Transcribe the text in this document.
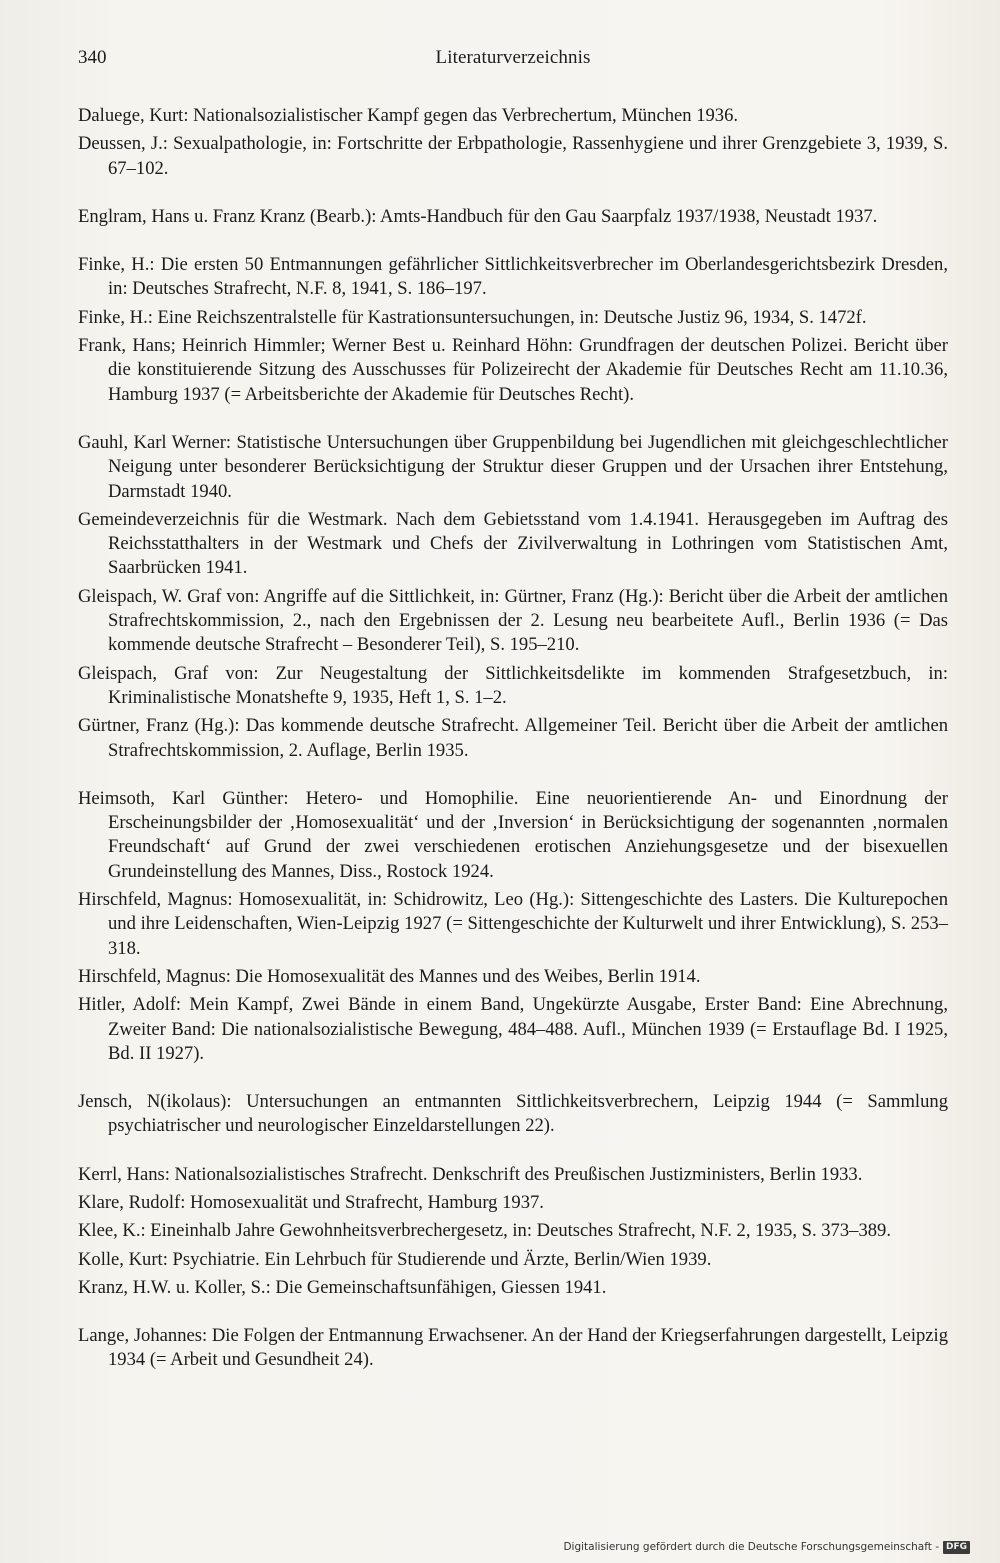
340	Literaturverzeichnis

Daluege, Kurt: Nationalsozialistischer Kampf gegen das Verbrechertum, München 1936.

Deussen, J.: Sexualpathologie, in: Fortschritte der Erbpathologie, Rassenhygiene und ihrer Grenzgebiete 3, 1939, S. 67–102.

Englram, Hans u. Franz Kranz (Bearb.): Amts-Handbuch für den Gau Saarpfalz 1937/1938, Neustadt 1937.

Finke, H.: Die ersten 50 Entmannungen gefährlicher Sittlichkeitsverbrecher im Oberlandesgerichtsbezirk Dresden, in: Deutsches Strafrecht, N.F. 8, 1941, S. 186–197.

Finke, H.: Eine Reichszentralstelle für Kastrationsuntersuchungen, in: Deutsche Justiz 96, 1934, S. 1472f.

Frank, Hans; Heinrich Himmler; Werner Best u. Reinhard Höhn: Grundfragen der deutschen Polizei. Bericht über die konstituierende Sitzung des Ausschusses für Polizeirecht der Akademie für Deutsches Recht am 11.10.36, Hamburg 1937 (= Arbeitsberichte der Akademie für Deutsches Recht).

Gauhl, Karl Werner: Statistische Untersuchungen über Gruppenbildung bei Jugendlichen mit gleichgeschlechtlicher Neigung unter besonderer Berücksichtigung der Struktur dieser Gruppen und der Ursachen ihrer Entstehung, Darmstadt 1940.

Gemeindeverzeichnis für die Westmark. Nach dem Gebietsstand vom 1.4.1941. Herausgegeben im Auftrag des Reichsstatthalters in der Westmark und Chefs der Zivilverwaltung in Lothringen vom Statistischen Amt, Saarbrücken 1941.

Gleispach, W. Graf von: Angriffe auf die Sittlichkeit, in: Gürtner, Franz (Hg.): Bericht über die Arbeit der amtlichen Strafrechtskommission, 2., nach den Ergebnissen der 2. Lesung neu bearbeitete Aufl., Berlin 1936 (= Das kommende deutsche Strafrecht – Besonderer Teil), S. 195–210.

Gleispach, Graf von: Zur Neugestaltung der Sittlichkeitsdelikte im kommenden Strafgesetzbuch, in: Kriminalistische Monatshefte 9, 1935, Heft 1, S. 1–2.

Gürtner, Franz (Hg.): Das kommende deutsche Strafrecht. Allgemeiner Teil. Bericht über die Arbeit der amtlichen Strafrechtskommission, 2. Auflage, Berlin 1935.

Heimsoth, Karl Günther: Hetero- und Homophilie. Eine neuorientierende An- und Einordnung der Erscheinungsbilder der ‚Homosexualität‘ und der ‚Inversion‘ in Berücksichtigung der sogenannten ‚normalen Freundschaft‘ auf Grund der zwei verschiedenen erotischen Anziehungsgesetze und der bisexuellen Grundeinstellung des Mannes, Diss., Rostock 1924.

Hirschfeld, Magnus: Homosexualität, in: Schidrowitz, Leo (Hg.): Sittengeschichte des Lasters. Die Kulturepochen und ihre Leidenschaften, Wien-Leipzig 1927 (= Sittengeschichte der Kulturwelt und ihrer Entwicklung), S. 253–318.

Hirschfeld, Magnus: Die Homosexualität des Mannes und des Weibes, Berlin 1914.

Hitler, Adolf: Mein Kampf, Zwei Bände in einem Band, Ungekürzte Ausgabe, Erster Band: Eine Abrechnung, Zweiter Band: Die nationalsozialistische Bewegung, 484–488. Aufl., München 1939 (= Erstauflage Bd. I 1925, Bd. II 1927).

Jensch, N(ikolaus): Untersuchungen an entmannten Sittlichkeitsverbrechern, Leipzig 1944 (= Sammlung psychiatrischer und neurologischer Einzeldarstellungen 22).

Kerrl, Hans: Nationalsozialistisches Strafrecht. Denkschrift des Preußischen Justizministers, Berlin 1933.

Klare, Rudolf: Homosexualität und Strafrecht, Hamburg 1937.

Klee, K.: Eineinhalb Jahre Gewohnheitsverbrechergesetz, in: Deutsches Strafrecht, N.F. 2, 1935, S. 373–389.

Kolle, Kurt: Psychiatrie. Ein Lehrbuch für Studierende und Ärzte, Berlin/Wien 1939.

Kranz, H.W. u. Koller, S.: Die Gemeinschaftsunfähigen, Giessen 1941.

Lange, Johannes: Die Folgen der Entmannung Erwachsener. An der Hand der Kriegserfahrungen dargestellt, Leipzig 1934 (= Arbeit und Gesundheit 24).

Digitalisierung gefördert durch die Deutsche Forschungsgemeinschaft - DFG
